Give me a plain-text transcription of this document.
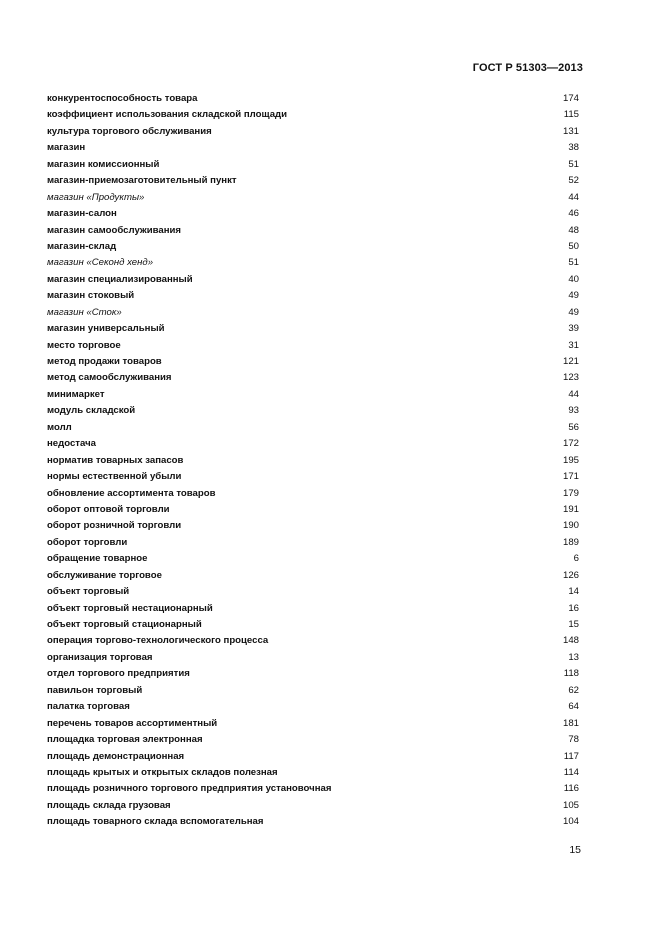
ГОСТ Р 51303—2013
конкурентоспособность товара	174
коэффициент использования складской площади	115
культура торгового обслуживания	131
магазин	38
магазин комиссионный	51
магазин-приемозаготовительный пункт	52
магазин «Продукты»	44
магазин-салон	46
магазин самообслуживания	48
магазин-склад	50
магазин «Секонд хенд»	51
магазин специализированный	40
магазин стоковый	49
магазин «Сток»	49
магазин универсальный	39
место торговое	31
метод продажи товаров	121
метод самообслуживания	123
минимаркет	44
модуль складской	93
молл	56
недостача	172
норматив товарных запасов	195
нормы естественной убыли	171
обновление ассортимента товаров	179
оборот оптовой торговли	191
оборот розничной торговли	190
оборот торговли	189
обращение товарное	6
обслуживание торговое	126
объект торговый	14
объект торговый нестационарный	16
объект торговый стационарный	15
операция торгово-технологического процесса	148
организация торговая	13
отдел торгового предприятия	118
павильон торговый	62
палатка торговая	64
перечень товаров ассортиментный	181
площадка торговая электронная	78
площадь демонстрационная	117
площадь крытых и открытых складов полезная	114
площадь розничного торгового предприятия установочная	116
площадь склада грузовая	105
площадь товарного склада вспомогательная	104
15
